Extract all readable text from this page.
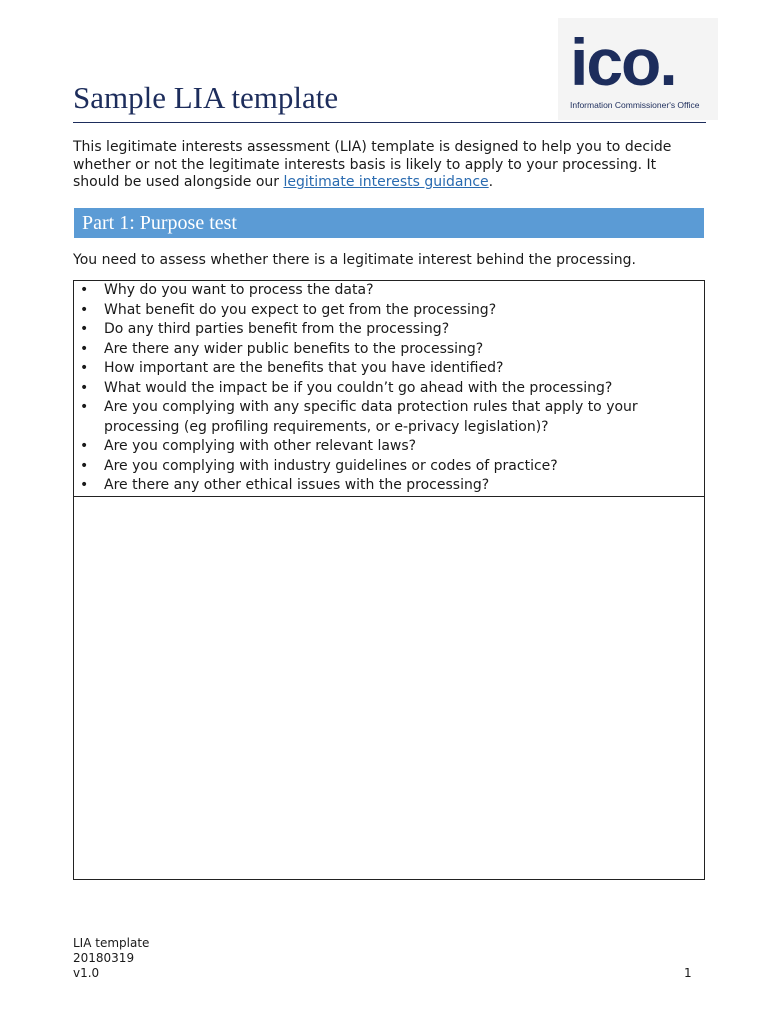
ico.
Information Commissioner's Office
Sample LIA template

This legitimate interests assessment (LIA) template is designed to help you to decide whether or not the legitimate interests basis is likely to apply to your processing. It should be used alongside our legitimate interests guidance.

Part 1: Purpose test

You need to assess whether there is a legitimate interest behind the processing.

• Why do you want to process the data?
• What benefit do you expect to get from the processing?
• Do any third parties benefit from the processing?
• Are there any wider public benefits to the processing?
• How important are the benefits that you have identified?
• What would the impact be if you couldn’t go ahead with the processing?
• Are you complying with any specific data protection rules that apply to your processing (eg profiling requirements, or e-privacy legislation)?
• Are you complying with other relevant laws?
• Are you complying with industry guidelines or codes of practice?
• Are there any other ethical issues with the processing?
LIA template
20180319
v1.0	1
